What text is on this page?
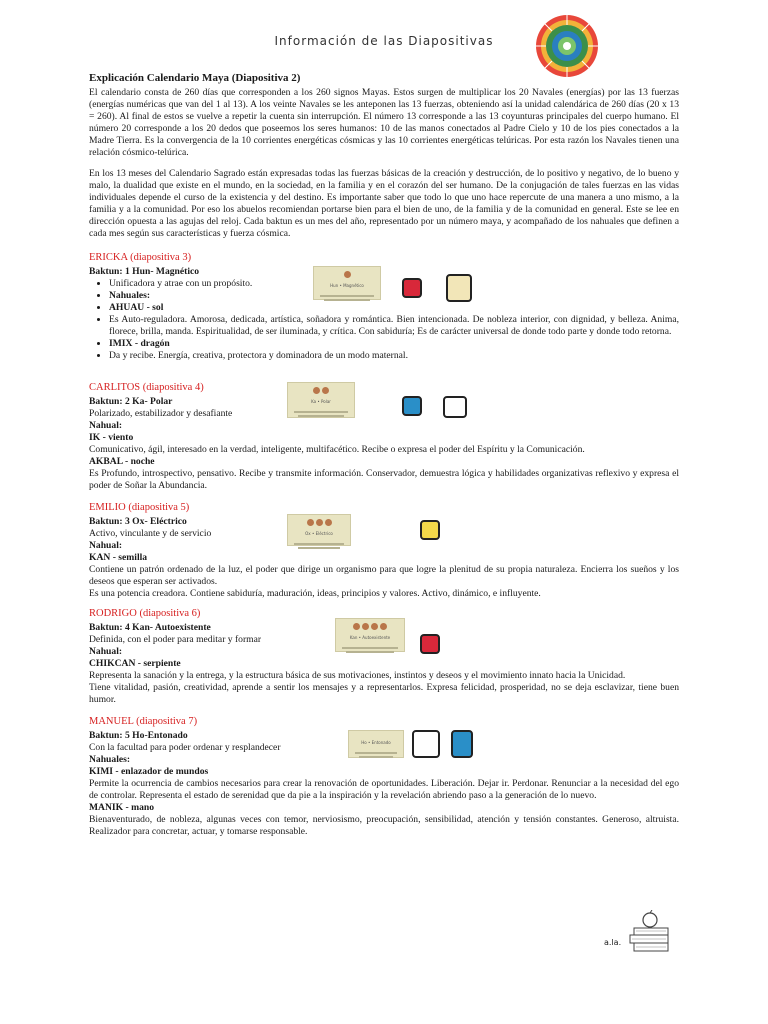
Información de las Diapositivas
Explicación Calendario Maya (Diapositiva 2)

El calendario consta de 260 días que corresponden a los 260 signos Mayas. Estos surgen de multiplicar los 20 Navales (energías) por las 13 fuerzas (energías numéricas que van del 1 al 13). A los veinte Navales se les anteponen las 13 fuerzas, obteniendo así la unidad calendárica de 260 días (20 x 13 = 260). Al final de estos se vuelve a repetir la cuenta sin interrupción. El número 13 corresponde a las 13 coyunturas principales del cuerpo humano. El número 20 corresponde a los 20 dedos que poseemos los seres humanos: 10 de las manos conectados al Padre Cielo y 10 de los pies conectados a la Madre Tierra. Es la convergencia de la 10 corrientes energéticas cósmicas y las 10 corrientes energéticas telúricas. Por esta razón los Navales tienen una relación cósmico-telúrica.

En los 13 meses del Calendario Sagrado están expresadas todas las fuerzas básicas de la creación y destrucción, de lo positivo y negativo, de lo bueno y malo, la dualidad que existe en el mundo, en la sociedad, en la familia y en el corazón del ser humano. De la conjugación de tales fuerzas en las vidas individuales depende el curso de la existencia y del destino. Es importante saber que todo lo que uno hace repercute de una manera a uno mismo, a la familia y a la comunidad. Por eso los abuelos recomiendan portarse bien para el bien de uno, de la familia y de la comunidad en general. Este se lee en dirección opuesta a las agujas del reloj. Cada baktun es un mes del año, representado por un número maya, y acompañado de los nahuales que definen a cada mes según sus características y fuerza cósmica.

ERICKA (diapositiva 3)
Baktun: 1 Hun- Magnético
• Unificadora y atrae con un propósito.
• Nahuales:
• AHUAU - sol
• Es Auto-reguladora. Amorosa, dedicada, artística, soñadora y romántica. Bien intencionada. De nobleza interior, con dignidad, y belleza. Anima, florece, brilla, manda. Espiritualidad, de ser iluminada, y crítica. Con sabiduría; Es de carácter universal de donde todo parte y donde todo retorna.
• IMIX - dragón
• Da y recibe. Energía, creativa, protectora y dominadora de un modo maternal.
Hun • Magnético
CARLITOS (diapositiva 4)
Baktun: 2 Ka- Polar
Polarizado, estabilizador y desafiante
Nahual:
IK - viento

Comunicativo, ágil, interesado en la verdad, inteligente, multifacético. Recibe o expresa el poder del Espíritu y la Comunicación.

AKBAL - noche

Es Profundo, introspectivo, pensativo. Recibe y transmite información. Conservador, demuestra lógica y habilidades organizativas reflexivo y expresa el poder de Soñar la Abundancia.

Ka • Polar
EMILIO (diapositiva 5)
Baktun: 3 Ox- Eléctrico
Activo, vinculante y de servicio
Nahual:
KAN - semilla

Contiene un patrón ordenado de la luz, el poder que dirige un organismo para que logre la plenitud de su propia naturaleza. Encierra los sueños y los deseos que esperan ser activados.

Es una potencia creadora. Contiene sabiduría, maduración, ideas, principios y valores. Activo, dinámico, e influyente.

Ox • Eléctrico
RODRIGO (diapositiva 6)
Baktun: 4 Kan- Autoexistente
Definida, con el poder para meditar y formar
Nahual:
CHIKCAN - serpiente

Representa la sanación y la entrega, y la estructura básica de sus motivaciones, instintos y deseos y el movimiento innato hacia la Unicidad.

Tiene vitalidad, pasión, creatividad, aprende a sentir los mensajes y a representarlos. Expresa felicidad, prosperidad, no se deja esclavizar, tiene buen humor.

Kan • Autoexistente
MANUEL (diapositiva 7)
Baktun: 5 Ho-Entonado
Con la facultad para poder ordenar y resplandecer
Nahuales:
KIMI - enlazador de mundos

Permite la ocurrencia de cambios necesarios para crear la renovación de oportunidades. Liberación. Dejar ir. Perdonar. Renunciar a la necesidad del ego de controlar. Representa el estado de serenidad que da pie a la inspiración y la revelación abriendo paso a la generación de lo nuevo.

MANIK - mano

Bienaventurado, de nobleza, algunas veces con temor, nerviosismo, preocupación, sensibilidad, atención y tensión constantes. Generoso, altruista. Realizador para concretar, actuar, y tomarse responsable.

Ho • Entonado
a.la.
